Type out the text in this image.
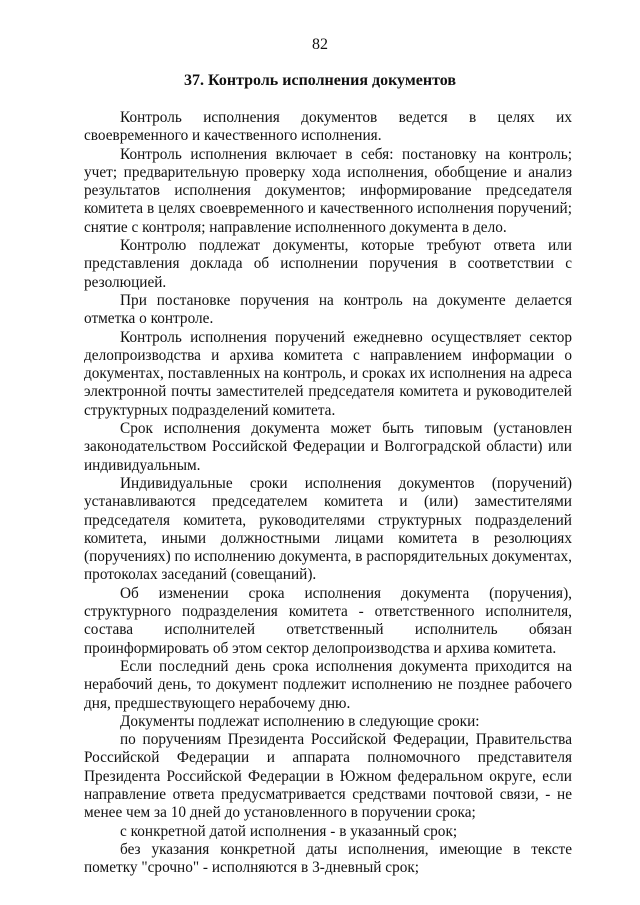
82
37. Контроль исполнения документов

Контроль исполнения документов ведется в целях их своевременного и качественного исполнения.

Контроль исполнения включает в себя: постановку на контроль; учет; предварительную проверку хода исполнения, обобщение и анализ результатов исполнения документов; информирование председателя комитета в целях своевременного и качественного исполнения поручений; снятие с контроля; направление исполненного документа в дело.

Контролю подлежат документы, которые требуют ответа или представления доклада об исполнении поручения в соответствии с резолюцией.

При постановке поручения на контроль на документе делается отметка о контроле.

Контроль исполнения поручений ежедневно осуществляет сектор делопроизводства и архива комитета с направлением информации о документах, поставленных на контроль, и сроках их исполнения на адреса электронной почты заместителей председателя комитета и руководителей структурных подразделений комитета.

Срок исполнения документа может быть типовым (установлен законодательством Российской Федерации и Волгоградской области) или индивидуальным.

Индивидуальные сроки исполнения документов (поручений) устанавливаются председателем комитета и (или) заместителями председателя комитета, руководителями структурных подразделений комитета, иными должностными лицами комитета в резолюциях (поручениях) по исполнению документа, в распорядительных документах, протоколах заседаний (совещаний).

Об изменении срока исполнения документа (поручения), структурного подразделения комитета - ответственного исполнителя, состава исполнителей ответственный исполнитель обязан проинформировать об этом сектор делопроизводства и архива комитета.

Если последний день срока исполнения документа приходится на нерабочий день, то документ подлежит исполнению не позднее рабочего дня, предшествующего нерабочему дню.

Документы подлежат исполнению в следующие сроки:

по поручениям Президента Российской Федерации, Правительства Российской Федерации и аппарата полномочного представителя Президента Российской Федерации в Южном федеральном округе, если направление ответа предусматривается средствами почтовой связи, - не менее чем за 10 дней до установленного в поручении срока;

с конкретной датой исполнения - в указанный срок;

без указания конкретной даты исполнения, имеющие в тексте пометку "срочно" - исполняются в 3-дневный срок;
